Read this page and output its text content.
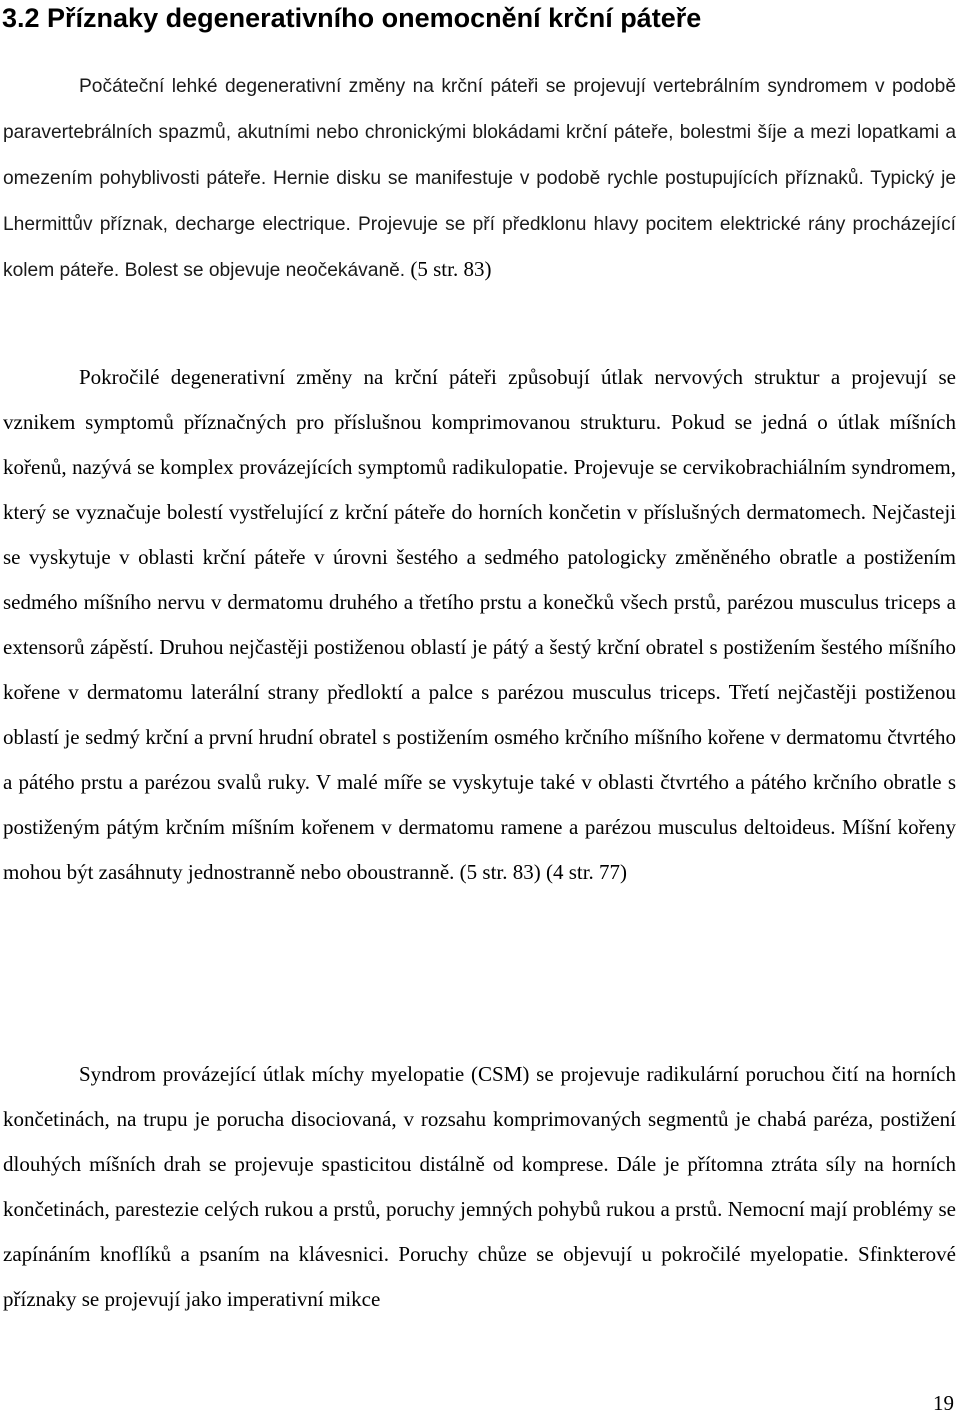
3.2 Příznaky degenerativního onemocnění krční páteře

Počáteční lehké degenerativní změny na krční páteři se projevují vertebrálním syndromem v podobě paravertebrálních spazmů, akutními nebo chronickými blokádami krční páteře, bolestmi šíje a mezi lopatkami a omezením pohyblivosti páteře. Hernie disku se manifestuje v podobě rychle postupujících příznaků. Typický je Lhermittův příznak, decharge electrique. Projevuje se pří předklonu hlavy pocitem elektrické rány procházející kolem páteře. Bolest se objevuje neočekávaně. (5 str. 83)

Pokročilé degenerativní změny na krční páteři způsobují útlak nervových struktur a projevují se vznikem symptomů příznačných pro příslušnou komprimovanou strukturu. Pokud se jedná o útlak míšních kořenů, nazývá se komplex provázejících symptomů radikulopatie. Projevuje se cervikobrachiálním syndromem, který se vyznačuje bolestí vystřelující z krční páteře do horních končetin v příslušných dermatomech. Nejčasteji se vyskytuje v oblasti krční páteře v úrovni šestého a sedmého patologicky změněného obratle a postižením sedmého míšního nervu v dermatomu druhého a třetího prstu a konečků všech prstů, parézou musculus triceps a extensorů zápěstí. Druhou nejčastěji postiženou oblastí je pátý a šestý krční obratel s postižením šestého míšního kořene v dermatomu laterální strany předloktí a palce s parézou musculus triceps. Třetí nejčastěji postiženou oblastí je sedmý krční a první hrudní obratel s postižením osmého krčního míšního kořene v dermatomu čtvrtého a pátého prstu a parézou svalů ruky. V malé míře se vyskytuje také v oblasti čtvrtého a pátého krčního obratle s postiženým pátým krčním míšním kořenem v dermatomu ramene a parézou musculus deltoideus. Míšní kořeny mohou být zasáhnuty jednostranně nebo oboustranně. (5 str. 83) (4 str. 77)

Syndrom provázející útlak míchy myelopatie (CSM) se projevuje radikulární poruchou čití na horních končetinách, na trupu je porucha disociovaná, v rozsahu komprimovaných segmentů je chabá paréza, postižení dlouhých míšních drah se projevuje spasticitou distálně od komprese. Dále je přítomna ztráta síly na horních končetinách, parestezie celých rukou a prstů, poruchy jemných pohybů rukou a prstů. Nemocní mají problémy se zapínáním knoflíků a psaním na klávesnici. Poruchy chůze se objevují u pokročilé myelopatie. Sfinkterové příznaky se projevují jako imperativní mikce

19
